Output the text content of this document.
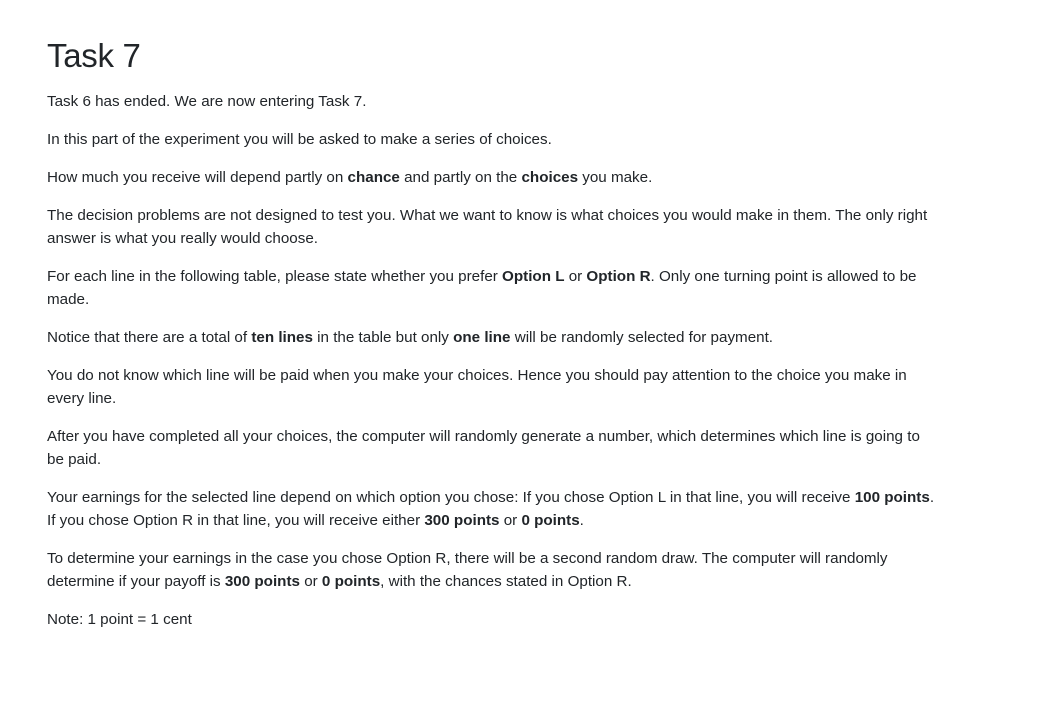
Task 7

Task 6 has ended. We are now entering Task 7.

In this part of the experiment you will be asked to make a series of choices.

How much you receive will depend partly on chance and partly on the choices you make.

The decision problems are not designed to test you. What we want to know is what choices you would make in them. The only right answer is what you really would choose.

For each line in the following table, please state whether you prefer Option L or Option R. Only one turning point is allowed to be made.

Notice that there are a total of ten lines in the table but only one line will be randomly selected for payment.

You do not know which line will be paid when you make your choices. Hence you should pay attention to the choice you make in every line.

After you have completed all your choices, the computer will randomly generate a number, which determines which line is going to be paid.

Your earnings for the selected line depend on which option you chose: If you chose Option L in that line, you will receive 100 points. If you chose Option R in that line, you will receive either 300 points or 0 points.

To determine your earnings in the case you chose Option R, there will be a second random draw. The computer will randomly determine if your payoff is 300 points or 0 points, with the chances stated in Option R.

Note: 1 point = 1 cent
